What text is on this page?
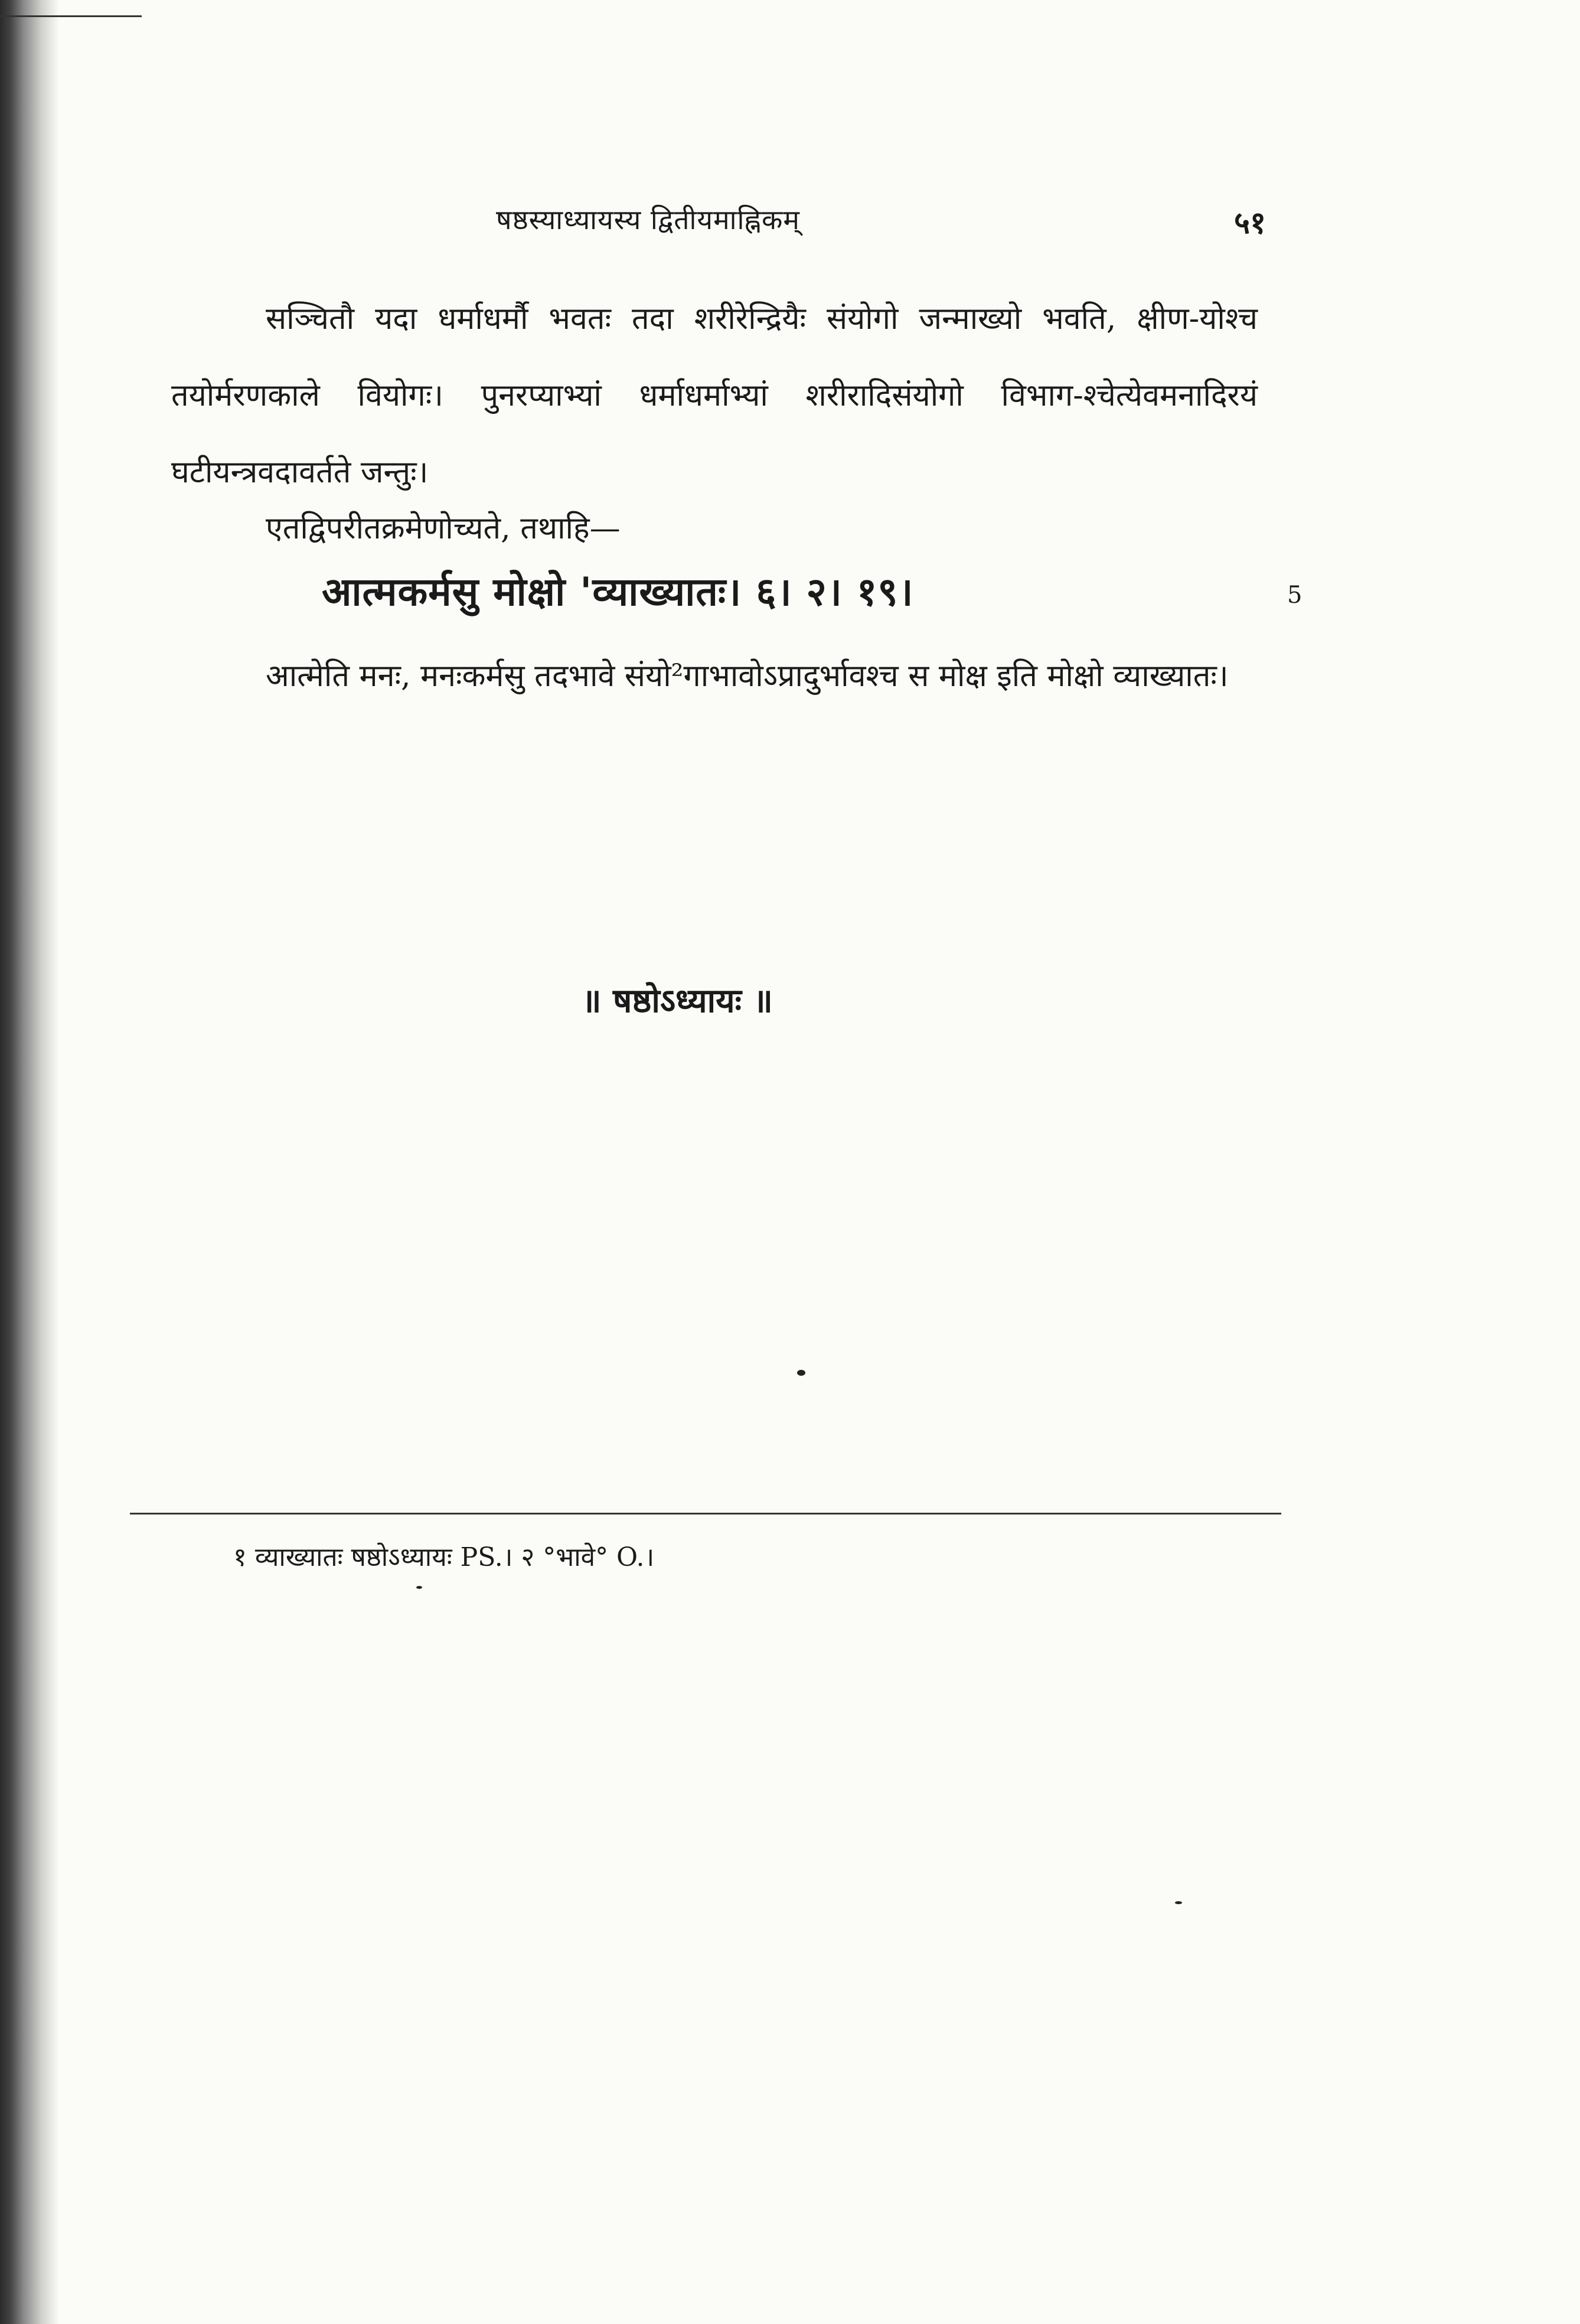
षष्ठस्याध्यायस्य द्वितीयमाह्निकम्	५१
सञ्चितौ यदा धर्माधर्मौ भवतः तदा शरीरेन्द्रियैः संयोगो जन्माख्यो भवति, क्षीण-योश्च तयोर्मरणकाले वियोगः। पुनरप्याभ्यां धर्माधर्माभ्यां शरीरादिसंयोगो विभाग-श्चेत्येवमनादिरयं घटीयन्त्रवदावर्तते जन्तुः।
एतद्विपरीतक्रमेणोच्यते, तथाहि—
आत्मकर्मसु मोक्षो 'व्याख्यातः। ६। २। १९।	5
आत्मेति मनः, मनःकर्मसु तदभावे संयो²गाभावोऽप्रादुर्भावश्च स मोक्ष इति मोक्षो व्याख्यातः।
॥ षष्ठोऽध्यायः ॥
१ व्याख्यातः षष्ठोऽध्यायः PS.। २ °भावे° O.।
